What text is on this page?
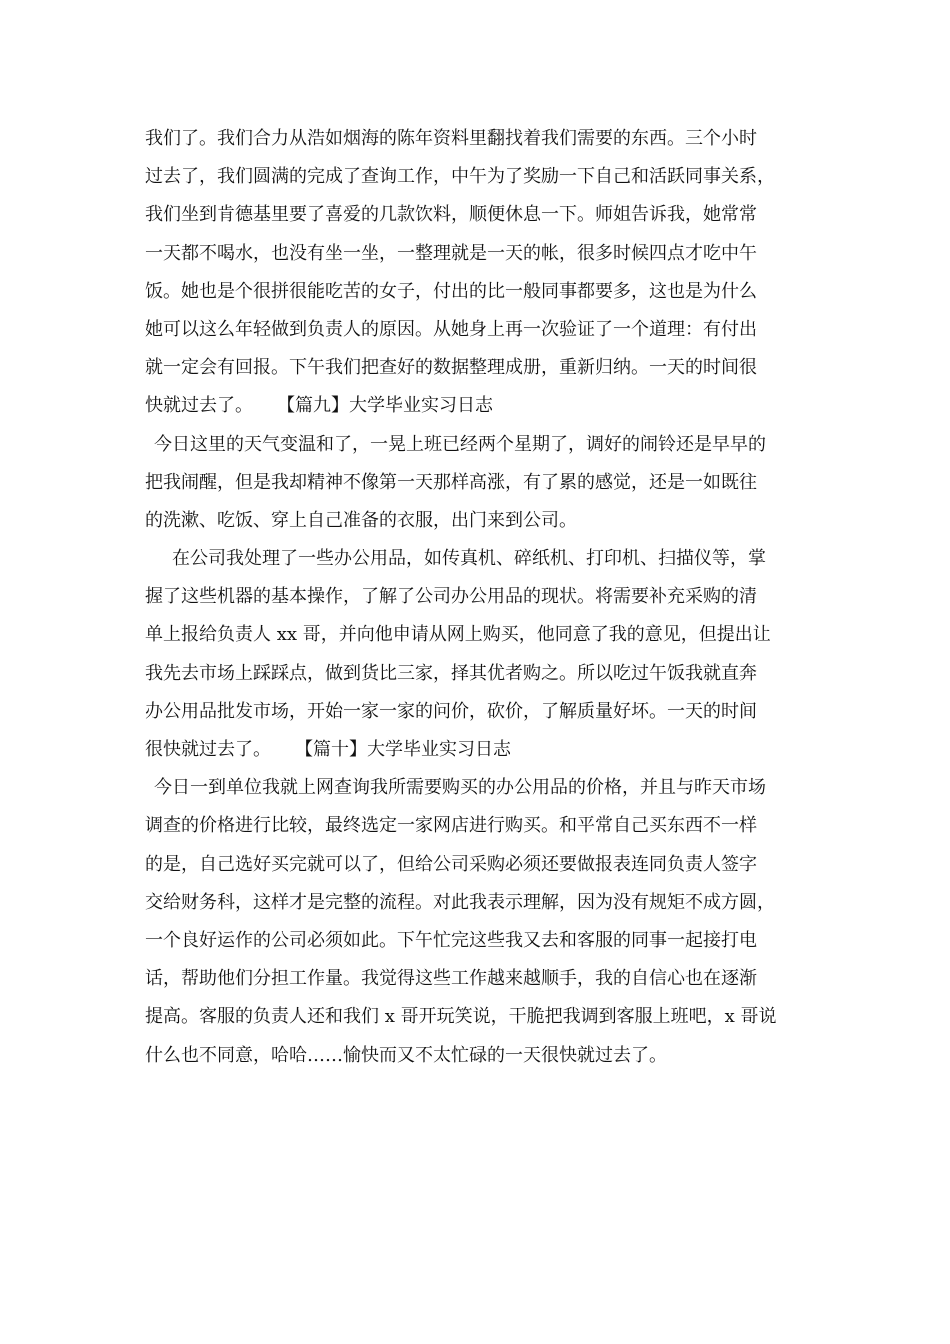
我们了。我们合力从浩如烟海的陈年资料里翻找着我们需要的东西。三个小时
过去了，我们圆满的完成了查询工作，中午为了奖励一下自己和活跃同事关系，
我们坐到肯德基里要了喜爱的几款饮料，顺便休息一下。师姐告诉我，她常常
一天都不喝水，也没有坐一坐，一整理就是一天的帐，很多时候四点才吃中午
饭。她也是个很拼很能吃苦的女子，付出的比一般同事都要多，这也是为什么
她可以这么年轻做到负责人的原因。从她身上再一次验证了一个道理：有付出
就一定会有回报。下午我们把查好的数据整理成册，重新归纳。一天的时间很
快就过去了。 【篇九】大学毕业实习日志
今日这里的天气变温和了，一晃上班已经两个星期了，调好的闹铃还是早早的
把我闹醒，但是我却精神不像第一天那样高涨，有了累的感觉，还是一如既往
的洗漱、吃饭、穿上自己准备的衣服，出门来到公司。
在公司我处理了一些办公用品，如传真机、碎纸机、打印机、扫描仪等，掌
握了这些机器的基本操作，了解了公司办公用品的现状。将需要补充采购的清
单上报给负责人 xx 哥，并向他申请从网上购买，他同意了我的意见，但提出让
我先去市场上踩踩点，做到货比三家，择其优者购之。所以吃过午饭我就直奔
办公用品批发市场，开始一家一家的问价，砍价，了解质量好坏。一天的时间
很快就过去了。 【篇十】大学毕业实习日志
今日一到单位我就上网查询我所需要购买的办公用品的价格，并且与昨天市场
调查的价格进行比较，最终选定一家网店进行购买。和平常自己买东西不一样
的是，自己选好买完就可以了，但给公司采购必须还要做报表连同负责人签字
交给财务科，这样才是完整的流程。对此我表示理解，因为没有规矩不成方圆，
一个良好运作的公司必须如此。下午忙完这些我又去和客服的同事一起接打电
话，帮助他们分担工作量。我觉得这些工作越来越顺手，我的自信心也在逐渐
提高。客服的负责人还和我们 x 哥开玩笑说，干脆把我调到客服上班吧，x 哥说
什么也不同意，哈哈……愉快而又不太忙碌的一天很快就过去了。
